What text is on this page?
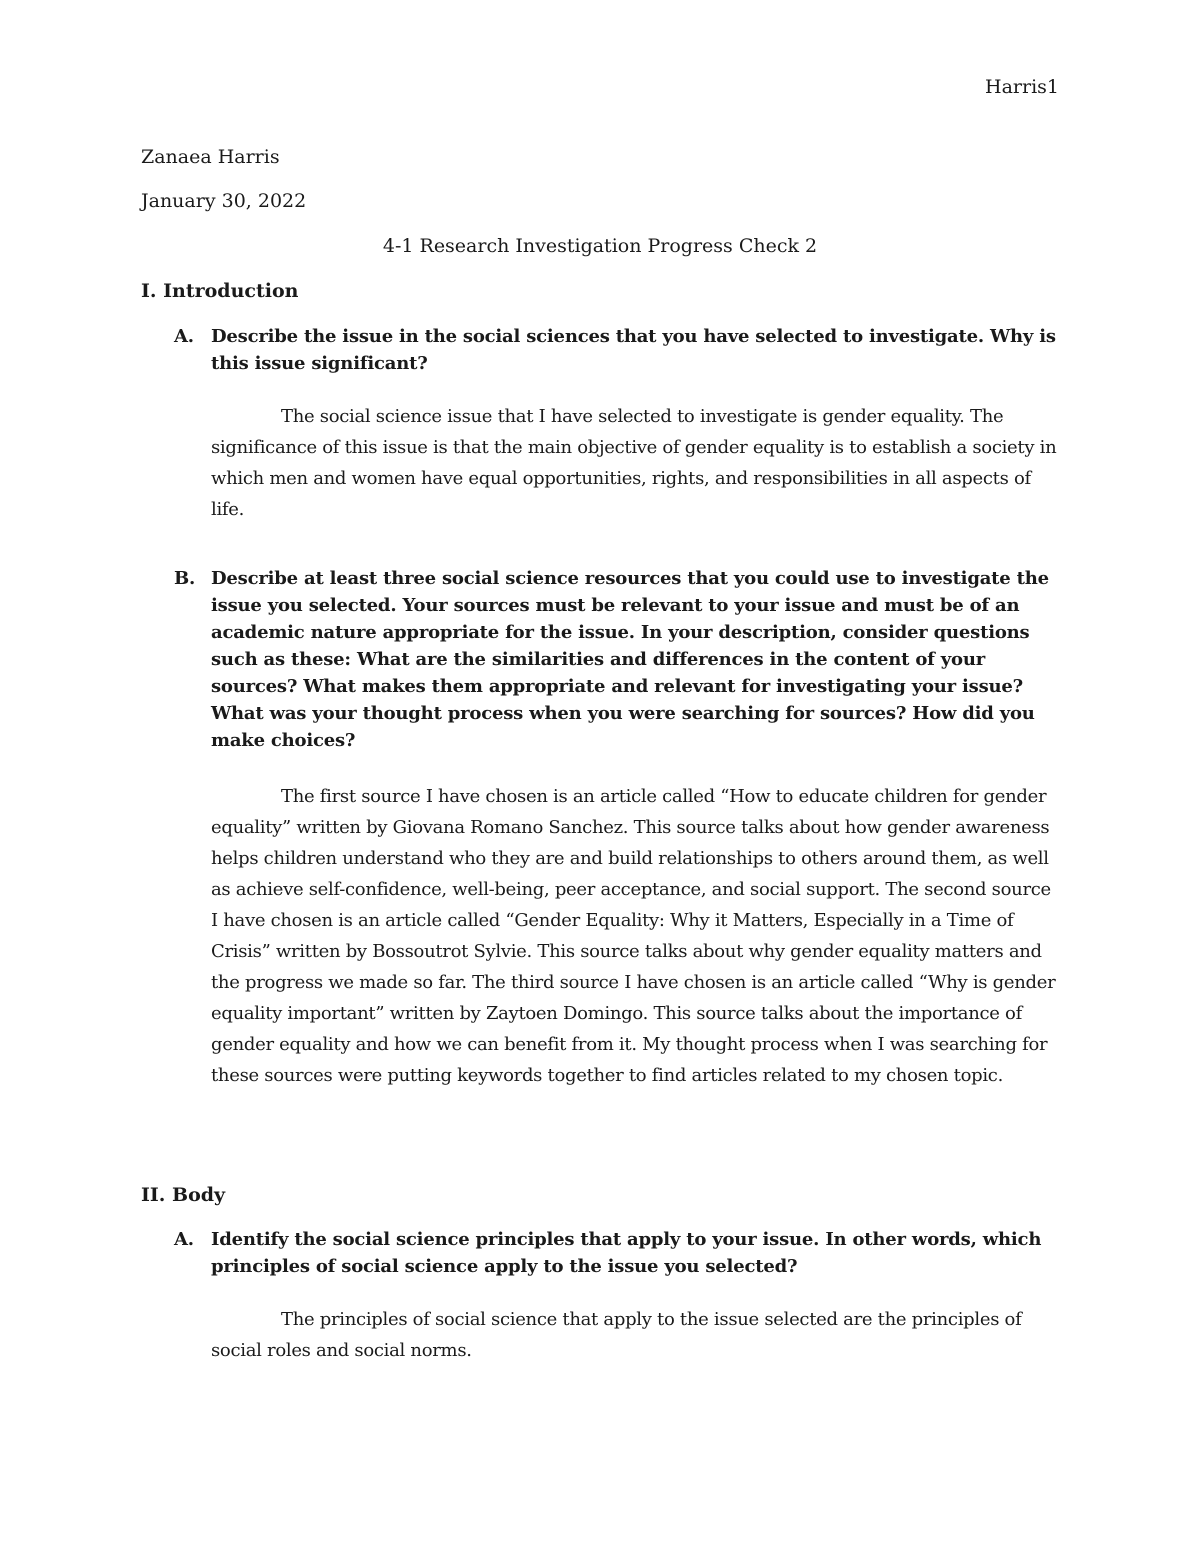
Harris1

Zanaea Harris

January 30, 2022

4-1 Research Investigation Progress Check 2

I. Introduction

A. Describe the issue in the social sciences that you have selected to investigate. Why is this issue significant?

The social science issue that I have selected to investigate is gender equality. The significance of this issue is that the main objective of gender equality is to establish a society in which men and women have equal opportunities, rights, and responsibilities in all aspects of life.

B. Describe at least three social science resources that you could use to investigate the issue you selected. Your sources must be relevant to your issue and must be of an academic nature appropriate for the issue. In your description, consider questions such as these: What are the similarities and differences in the content of your sources? What makes them appropriate and relevant for investigating your issue? What was your thought process when you were searching for sources? How did you make choices?

The first source I have chosen is an article called “How to educate children for gender equality” written by Giovana Romano Sanchez. This source talks about how gender awareness helps children understand who they are and build relationships to others around them, as well as achieve self-confidence, well-being, peer acceptance, and social support. The second source I have chosen is an article called “Gender Equality: Why it Matters, Especially in a Time of Crisis” written by Bossoutrot Sylvie. This source talks about why gender equality matters and the progress we made so far. The third source I have chosen is an article called “Why is gender equality important” written by Zaytoen Domingo. This source talks about the importance of gender equality and how we can benefit from it. My thought process when I was searching for these sources were putting keywords together to find articles related to my chosen topic.

II. Body

A. Identify the social science principles that apply to your issue. In other words, which principles of social science apply to the issue you selected?

The principles of social science that apply to the issue selected are the principles of social roles and social norms.
